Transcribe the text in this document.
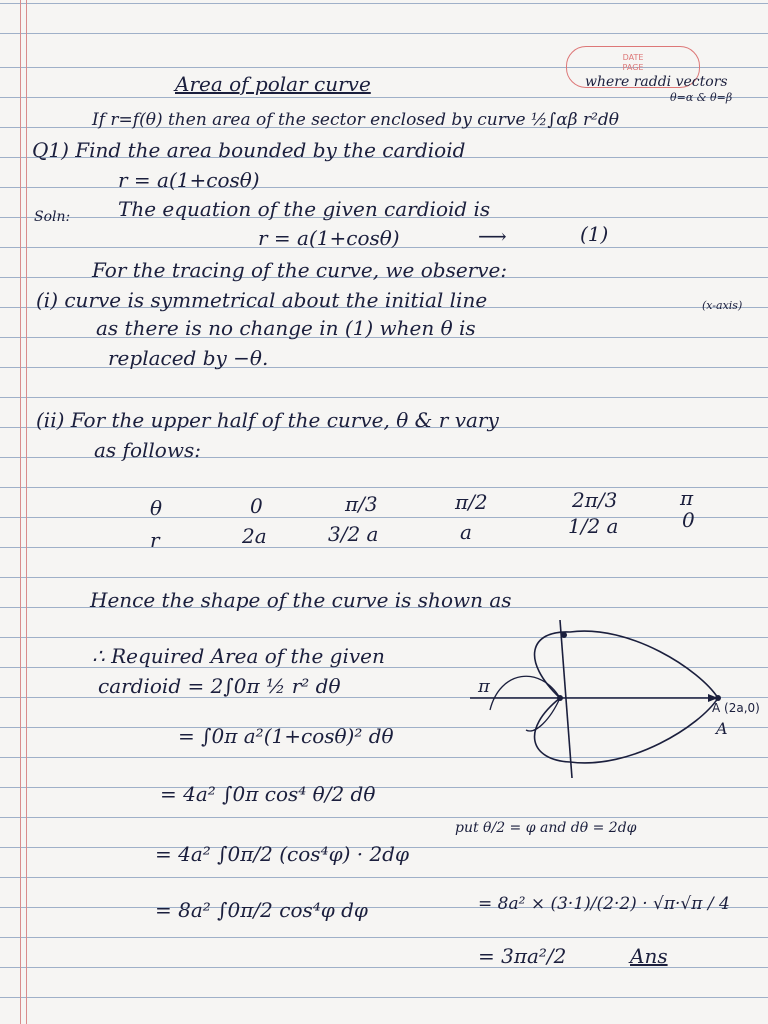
DATE
PAGE
Area of polar curve	where raddi vectors
θ=α & θ=β
If r=f(θ) then area of the sector enclosed by curve ½∫αβ r²dθ
Q1) Find the area bounded by the cardioid
r = a(1+cosθ)
Soln: The equation of the given cardioid is
r = a(1+cosθ)	⟶	(1)
For the tracing of the curve, we observe:
(i) curve is symmetrical about the initial line	(x-axis)
as there is no change in (1) when θ is
replaced by −θ.
(ii) For the upper half of the curve, θ & r vary
as follows:
θ	0	π/3	π/2	2π/3	π
r	2a	3/2 a	a	1/2 a	0
Hence the shape of the curve is shown as
∴ Required Area of the given
cardioid = 2∫0π ½ r² dθ
= ∫0π a²(1+cosθ)² dθ
= 4a² ∫0π cos⁴ θ/2 dθ
put θ/2 = φ and dθ = 2dφ
= 4a² ∫0π/2 (cos⁴φ) · 2dφ
= 8a² ∫0π/2 cos⁴φ dφ	= 8a² × (3·1)/(2·2) · √π·√π / 4
= 3πa²/2	Ans
π
A
A (2a,0)
